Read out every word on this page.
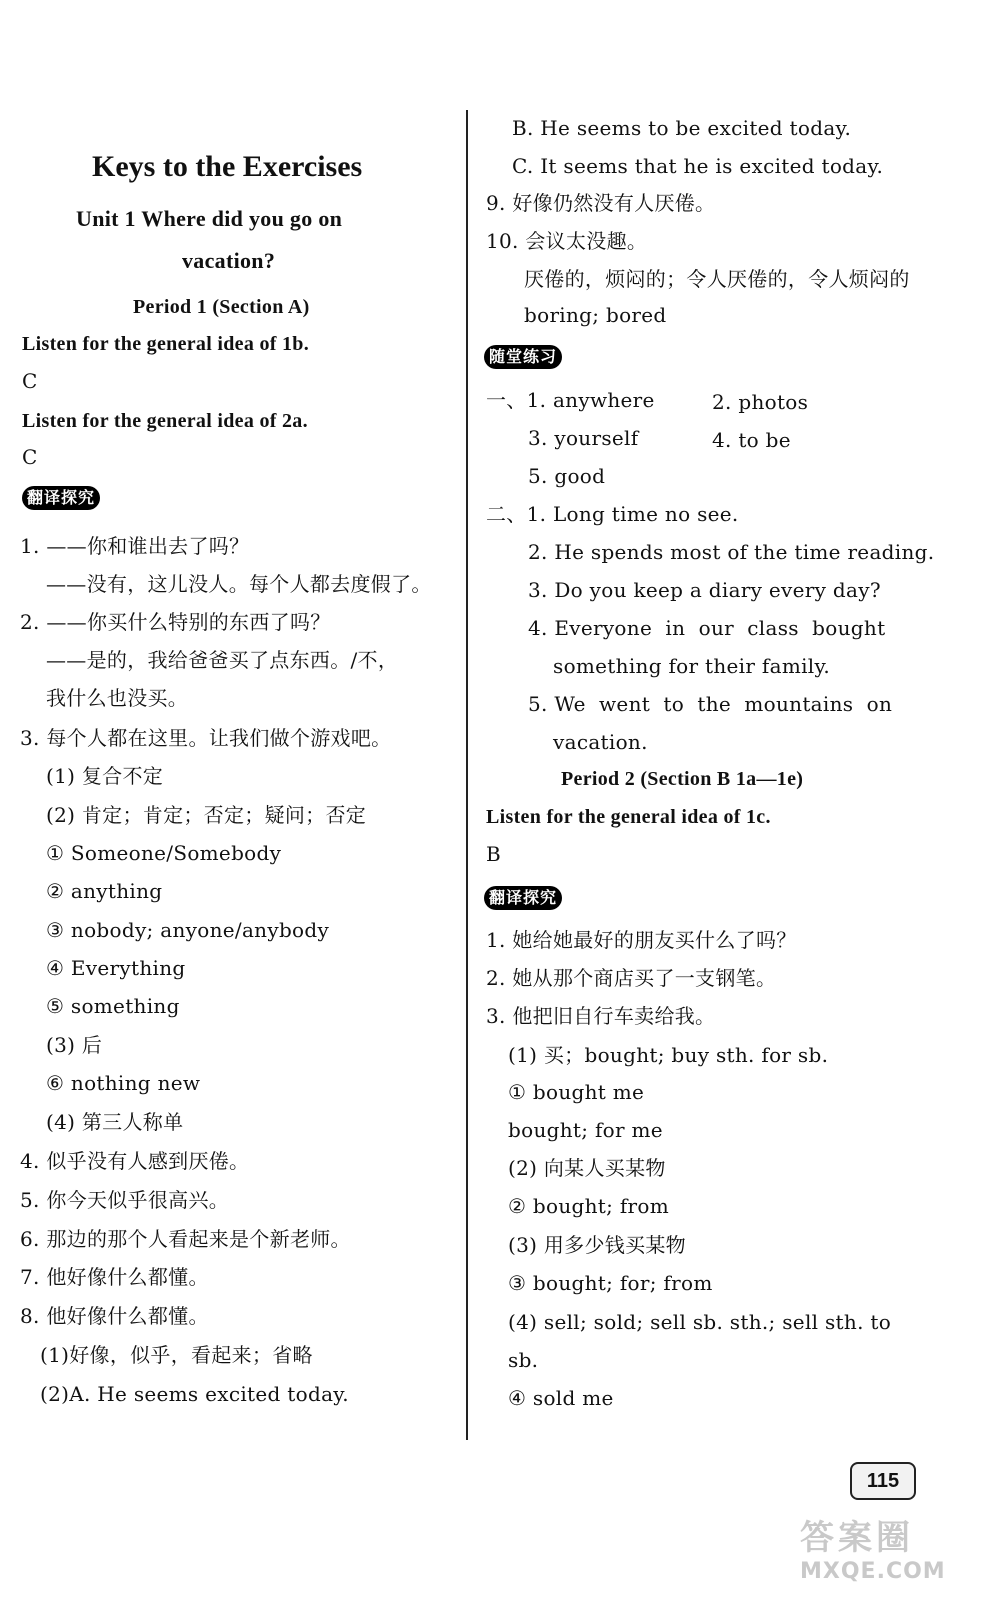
Keys to the Exercises
Unit 1 Where did you go on
vacation?
Period 1 (Section A)
Listen for the general idea of 1b.
C
Listen for the general idea of 2a.
C
翻译探究
1. ——你和谁出去了吗？
——没有，这儿没人。每个人都去度假了。
2. ——你买什么特别的东西了吗？
——是的，我给爸爸买了点东西。/不，
我什么也没买。
3. 每个人都在这里。让我们做个游戏吧。
(1) 复合不定
(2) 肯定；肯定；否定；疑问；否定
① Someone/Somebody
② anything
③ nobody; anyone/anybody
④ Everything
⑤ something
(3) 后
⑥ nothing new
(4) 第三人称单
4. 似乎没有人感到厌倦。
5. 你今天似乎很高兴。
6. 那边的那个人看起来是个新老师。
7. 他好像什么都懂。
8. 他好像什么都懂。
(1)好像，似乎，看起来；省略
(2)A. He seems excited today.
B. He seems to be excited today.
C. It seems that he is excited today.
9. 好像仍然没有人厌倦。
10. 会议太没趣。
厌倦的，烦闷的；令人厌倦的，令人烦闷的
boring; bored
随堂练习
一、1. anywhere	2. photos
3. yourself	4. to be
5. good
二、1. Long time no see.
2. He spends most of the time reading.
3. Do you keep a diary every day?
4. Everyone  in  our  class  bought
something for their family.
5. We  went  to  the  mountains  on
vacation.
Period 2 (Section B 1a—1e)
Listen for the general idea of 1c.
B
翻译探究
1. 她给她最好的朋友买什么了吗？
2. 她从那个商店买了一支钢笔。
3. 他把旧自行车卖给我。
(1) 买；bought; buy sth. for sb.
① bought me
bought; for me
(2) 向某人买某物
② bought; from
(3) 用多少钱买某物
③ bought; for; from
(4) sell; sold; sell sb. sth.; sell sth. to
sb.
④ sold me
115
答案圈
MXQE.COM
